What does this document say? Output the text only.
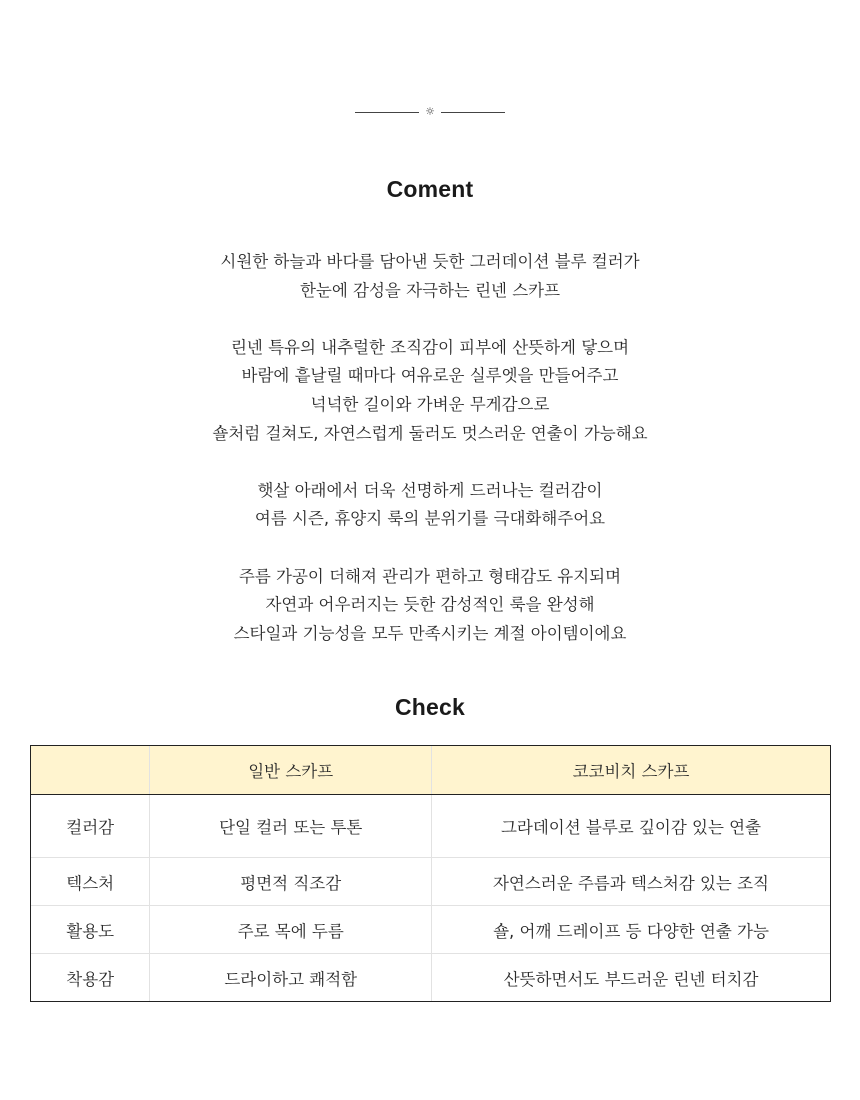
☼
Coment

시원한 하늘과 바다를 담아낸 듯한 그러데이션 블루 컬러가
한눈에 감성을 자극하는 린넨 스카프

린넨 특유의 내추럴한 조직감이 피부에 산뜻하게 닿으며
바람에 흩날릴 때마다 여유로운 실루엣을 만들어주고
넉넉한 길이와 가벼운 무게감으로
숄처럼 걸쳐도, 자연스럽게 둘러도 멋스러운 연출이 가능해요

햇살 아래에서 더욱 선명하게 드러나는 컬러감이
여름 시즌, 휴양지 룩의 분위기를 극대화해주어요

주름 가공이 더해져 관리가 편하고 형태감도 유지되며
자연과 어우러지는 듯한 감성적인 룩을 완성해
스타일과 기능성을 모두 만족시키는 계절 아이템이에요

Check
	일반 스카프	코코비치 스카프
컬러감	단일 컬러 또는 투톤	그라데이션 블루로 깊이감 있는 연출
텍스처	평면적 직조감	자연스러운 주름과 텍스처감 있는 조직
활용도	주로 목에 두름	숄, 어깨 드레이프 등 다양한 연출 가능
착용감	드라이하고 쾌적함	산뜻하면서도 부드러운 린넨 터치감
